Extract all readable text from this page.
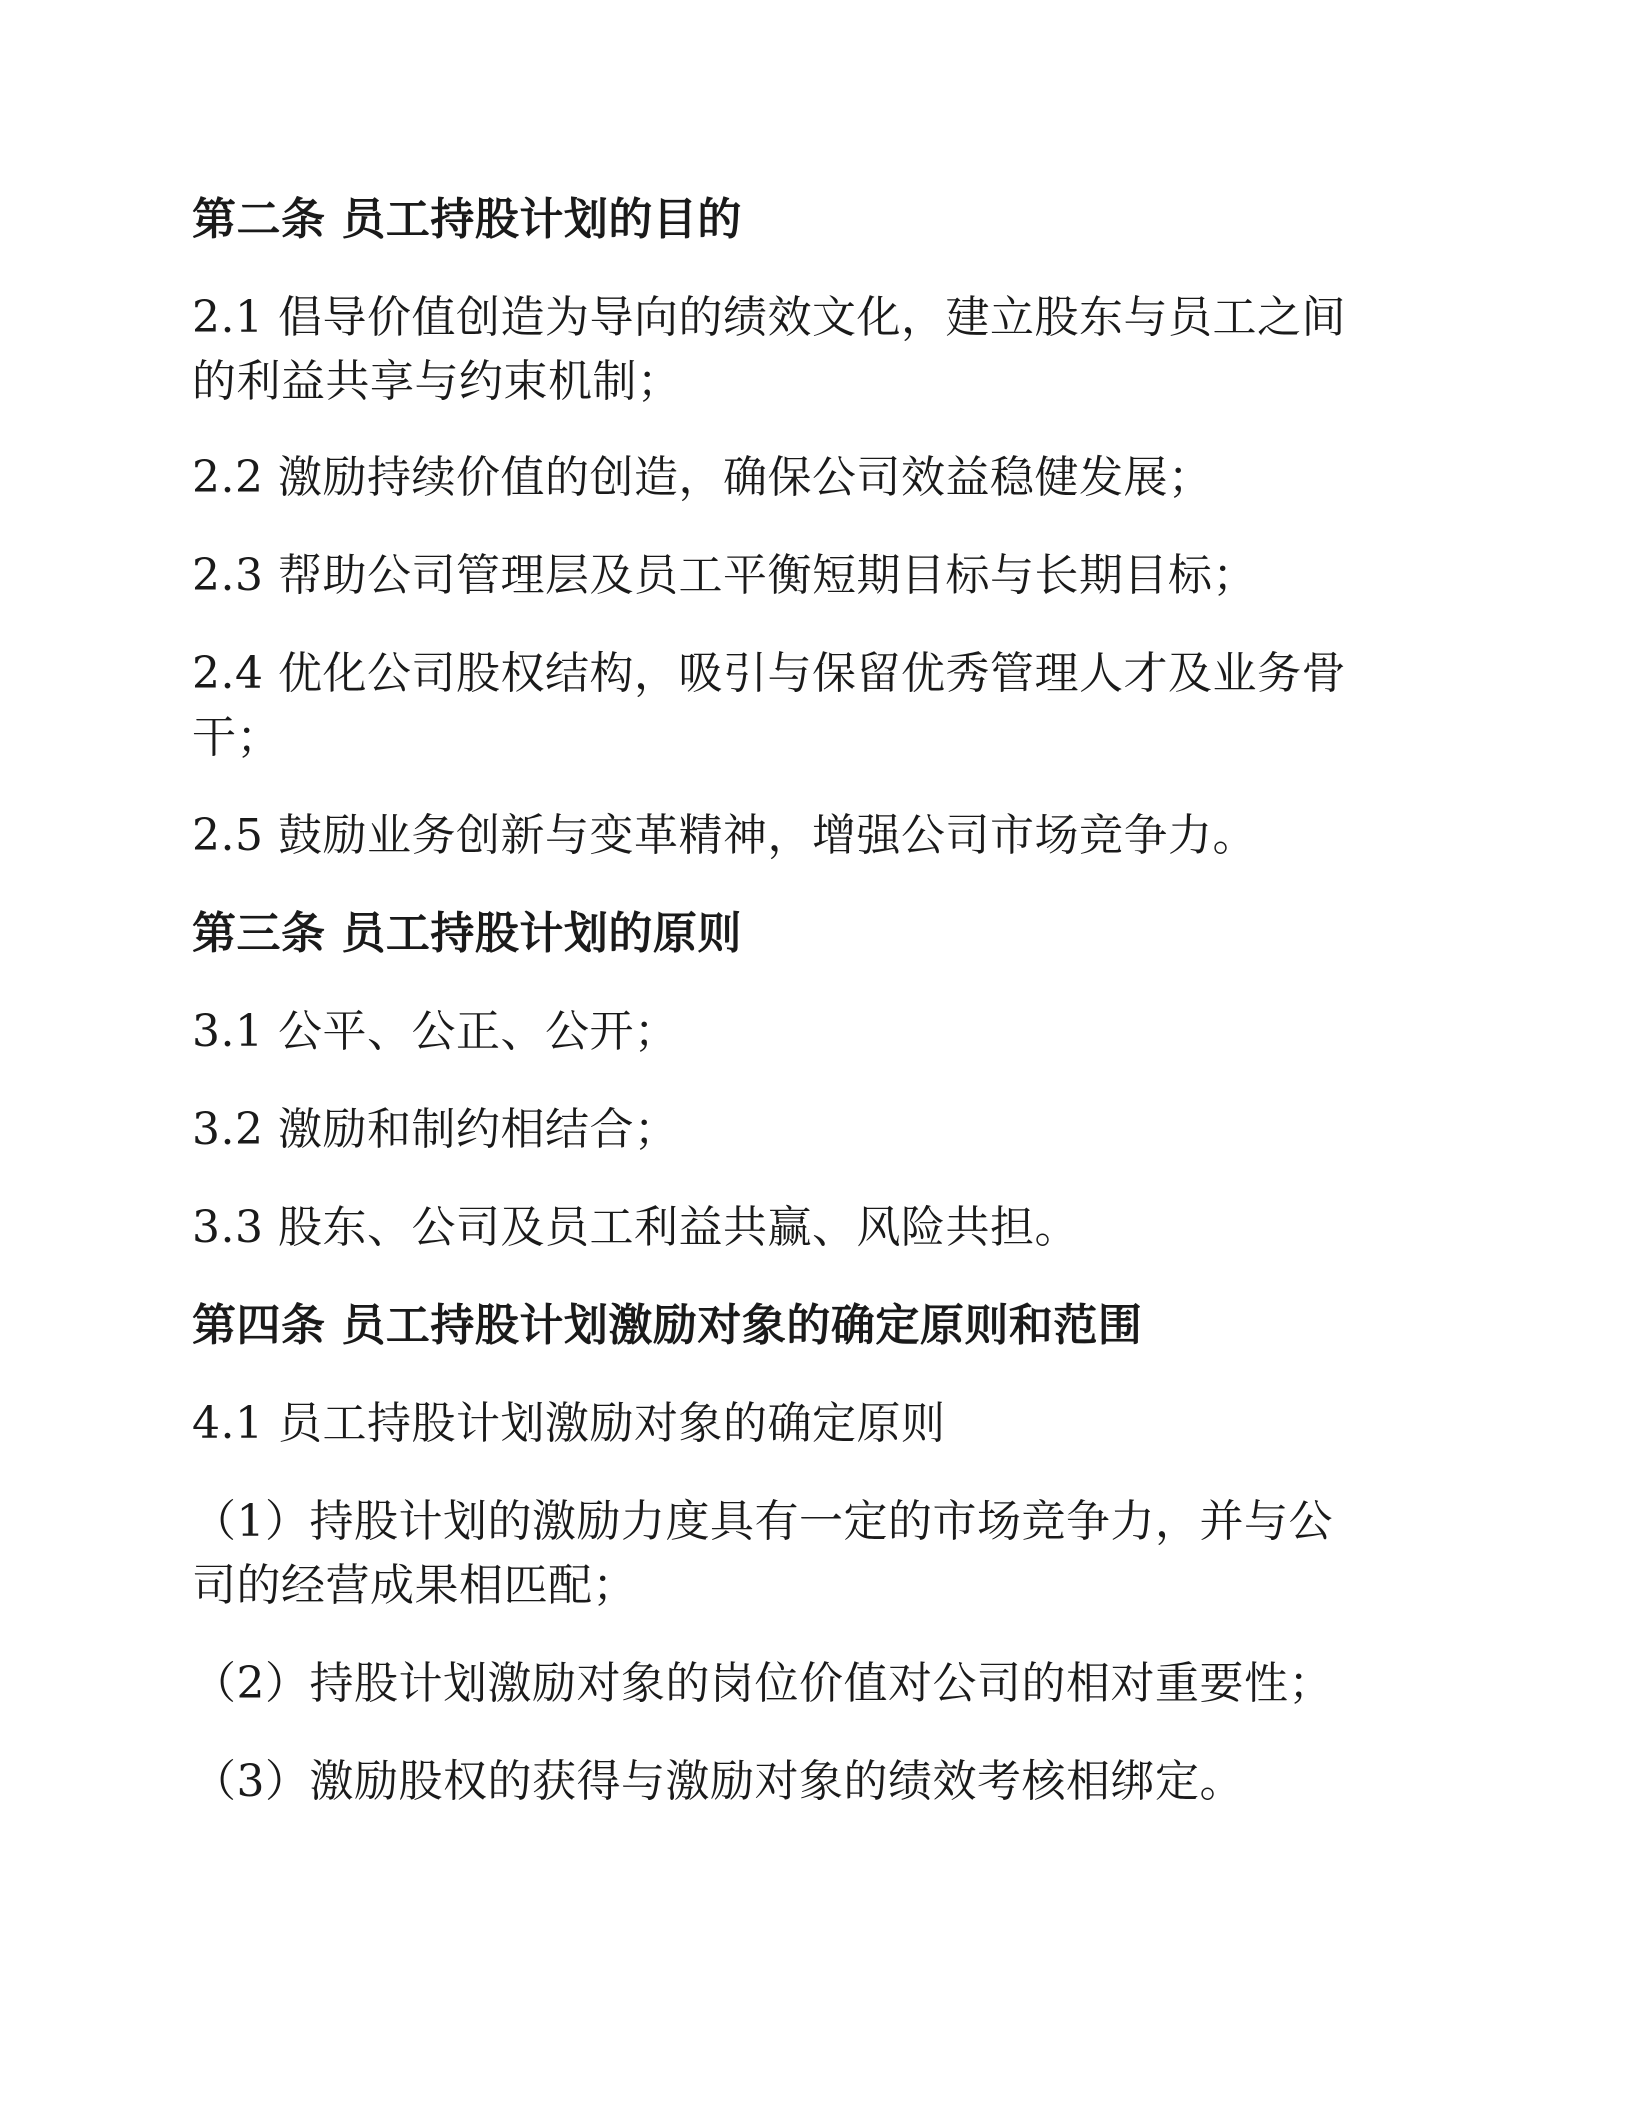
第二条 员工持股计划的目的
2.1 倡导价值创造为导向的绩效文化，建立股东与员工之间
的利益共享与约束机制；
2.2 激励持续价值的创造，确保公司效益稳健发展；
2.3 帮助公司管理层及员工平衡短期目标与长期目标；
2.4 优化公司股权结构，吸引与保留优秀管理人才及业务骨
干；
2.5 鼓励业务创新与变革精神，增强公司市场竞争力。
第三条 员工持股计划的原则
3.1 公平、公正、公开；
3.2 激励和制约相结合；
3.3 股东、公司及员工利益共赢、风险共担。
第四条 员工持股计划激励对象的确定原则和范围
4.1 员工持股计划激励对象的确定原则
（1）持股计划的激励力度具有一定的市场竞争力，并与公
司的经营成果相匹配；
（2）持股计划激励对象的岗位价值对公司的相对重要性；
（3）激励股权的获得与激励对象的绩效考核相绑定。
